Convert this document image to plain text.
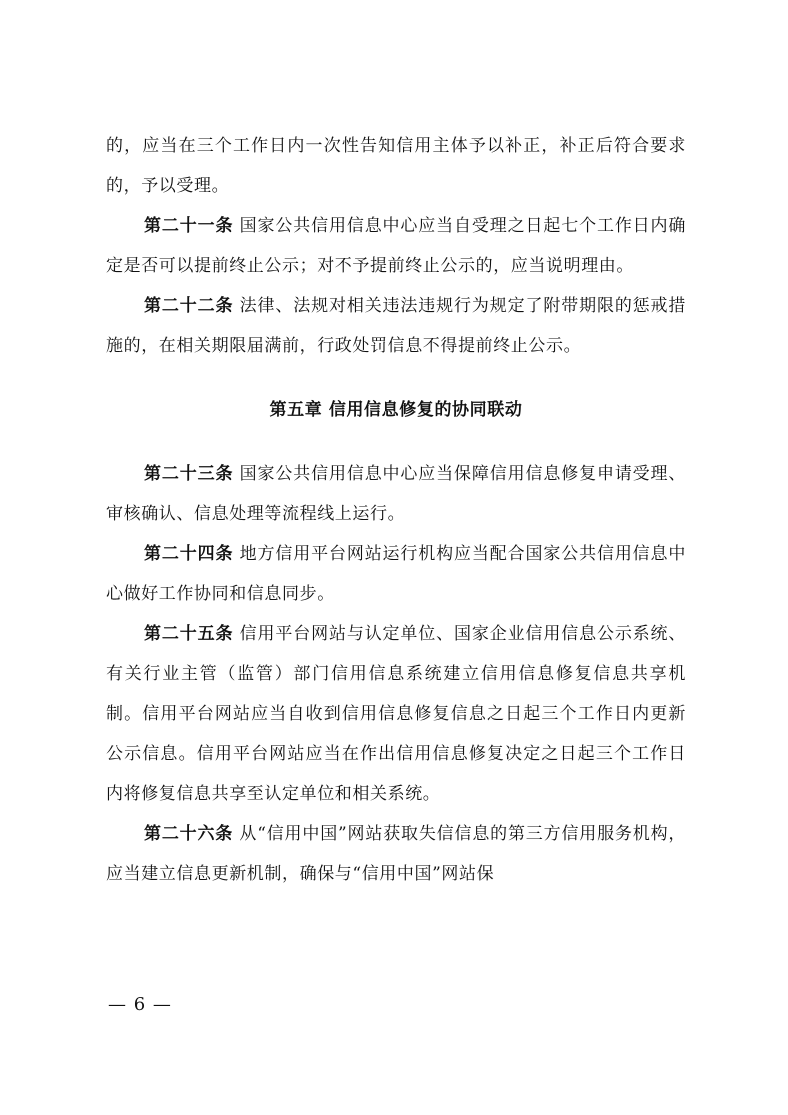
的，应当在三个工作日内一次性告知信用主体予以补正，补正后符合要求的，予以受理。

第二十一条 国家公共信用信息中心应当自受理之日起七个工作日内确定是否可以提前终止公示；对不予提前终止公示的，应当说明理由。

第二十二条 法律、法规对相关违法违规行为规定了附带期限的惩戒措施的，在相关期限届满前，行政处罚信息不得提前终止公示。

第五章 信用信息修复的协同联动

第二十三条 国家公共信用信息中心应当保障信用信息修复申请受理、审核确认、信息处理等流程线上运行。

第二十四条 地方信用平台网站运行机构应当配合国家公共信用信息中心做好工作协同和信息同步。

第二十五条 信用平台网站与认定单位、国家企业信用信息公示系统、有关行业主管（监管）部门信用信息系统建立信用信息修复信息共享机制。信用平台网站应当自收到信用信息修复信息之日起三个工作日内更新公示信息。信用平台网站应当在作出信用信息修复决定之日起三个工作日内将修复信息共享至认定单位和相关系统。

第二十六条 从“信用中国”网站获取失信信息的第三方信用服务机构，应当建立信息更新机制，确保与“信用中国”网站保

— 6 —
